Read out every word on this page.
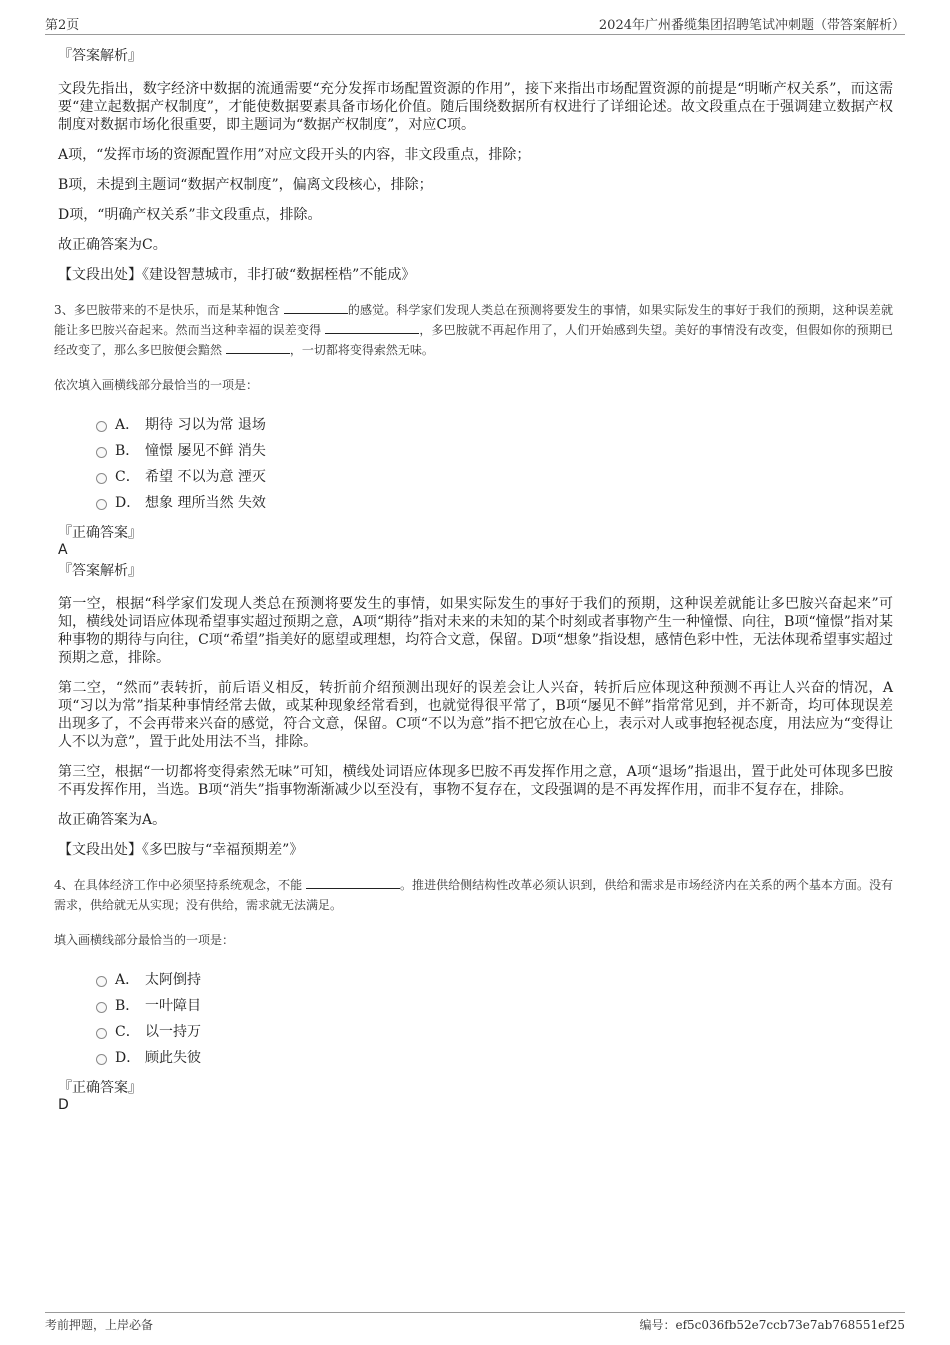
第2页	2024年广州番缆集团招聘笔试冲刺题（带答案解析）
『答案解析』

文段先指出，数字经济中数据的流通需要“充分发挥市场配置资源的作用”，接下来指出市场配置资源的前提是“明晰产权关系”，而这需要“建立起数据产权制度”，才能使数据要素具备市场化价值。随后围绕数据所有权进行了详细论述。故文段重点在于强调建立数据产权制度对数据市场化很重要，即主题词为“数据产权制度”，对应C项。

A项，“发挥市场的资源配置作用”对应文段开头的内容，非文段重点，排除；

B项，未提到主题词“数据产权制度”，偏离文段核心，排除；

D项，“明确产权关系”非文段重点，排除。

故正确答案为C。

【文段出处】《建设智慧城市，非打破“数据桎梏”不能成》

3、多巴胺带来的不是快乐，而是某种饱含	的感觉。科学家们发现人类总在预测将要发生的事情，如果实际发生的事好于我们的预期，这种误差就能让多巴胺兴奋起来。然而当这种幸福的误差变得	，多巴胺就不再起作用了，人们开始感到失望。美好的事情没有改变，但假如你的预期已经改变了，那么多巴胺便会黯然	，一切都将变得索然无味。
依次填入画横线部分最恰当的一项是：
A． 期待 习以为常 退场
B． 憧憬 屡见不鲜 消失
C． 希望 不以为意 湮灭
D． 想象 理所当然 失效
『正确答案』
A
『答案解析』

第一空，根据“科学家们发现人类总在预测将要发生的事情，如果实际发生的事好于我们的预期，这种误差就能让多巴胺兴奋起来”可知，横线处词语应体现希望事实超过预期之意，A项“期待”指对未来的未知的某个时刻或者事物产生一种憧憬、向往，B项“憧憬”指对某种事物的期待与向往，C项“希望”指美好的愿望或理想，均符合文意，保留。D项“想象”指设想，感情色彩中性，无法体现希望事实超过预期之意，排除。

第二空，“然而”表转折，前后语义相反，转折前介绍预测出现好的误差会让人兴奋，转折后应体现这种预测不再让人兴奋的情况，A项“习以为常”指某种事情经常去做，或某种现象经常看到，也就觉得很平常了，B项“屡见不鲜”指常常见到，并不新奇，均可体现误差出现多了，不会再带来兴奋的感觉，符合文意，保留。C项“不以为意”指不把它放在心上，表示对人或事抱轻视态度，用法应为“变得让人不以为意”，置于此处用法不当，排除。

第三空，根据“一切都将变得索然无味”可知，横线处词语应体现多巴胺不再发挥作用之意，A项“退场”指退出，置于此处可体现多巴胺不再发挥作用，当选。B项“消失”指事物渐渐减少以至没有，事物不复存在，文段强调的是不再发挥作用，而非不复存在，排除。

故正确答案为A。

【文段出处】《多巴胺与“幸福预期差”》

4、在具体经济工作中必须坚持系统观念，不能	。推进供给侧结构性改革必须认识到，供给和需求是市场经济内在关系的两个基本方面。没有需求，供给就无从实现；没有供给，需求就无法满足。
填入画横线部分最恰当的一项是：
A． 太阿倒持
B． 一叶障目
C． 以一持万
D． 顾此失彼
『正确答案』
D
考前押题，上岸必备	编号：ef5c036fb52e7ccb73e7ab768551ef25
